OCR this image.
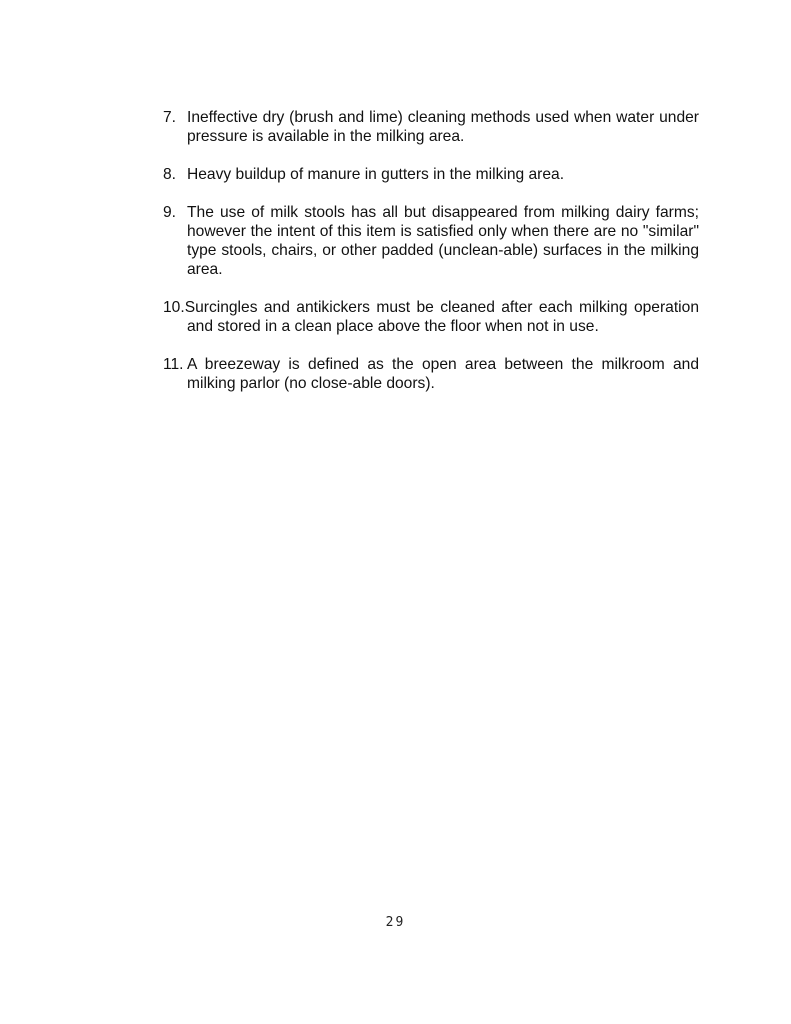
7. Ineffective dry (brush and lime) cleaning methods used when water under pressure is available in the milking area.
8. Heavy buildup of manure in gutters in the milking area.
9. The use of milk stools has all but disappeared from milking dairy farms; however the intent of this item is satisfied only when there are no "similar" type stools, chairs, or other padded (unclean-able) surfaces in the milking area.
10.Surcingles and antikickers must be cleaned after each milking operation and stored in a clean place above the floor when not in use.
11. A breezeway is defined as the open area between the milkroom and milking parlor (no close-able doors).
29
